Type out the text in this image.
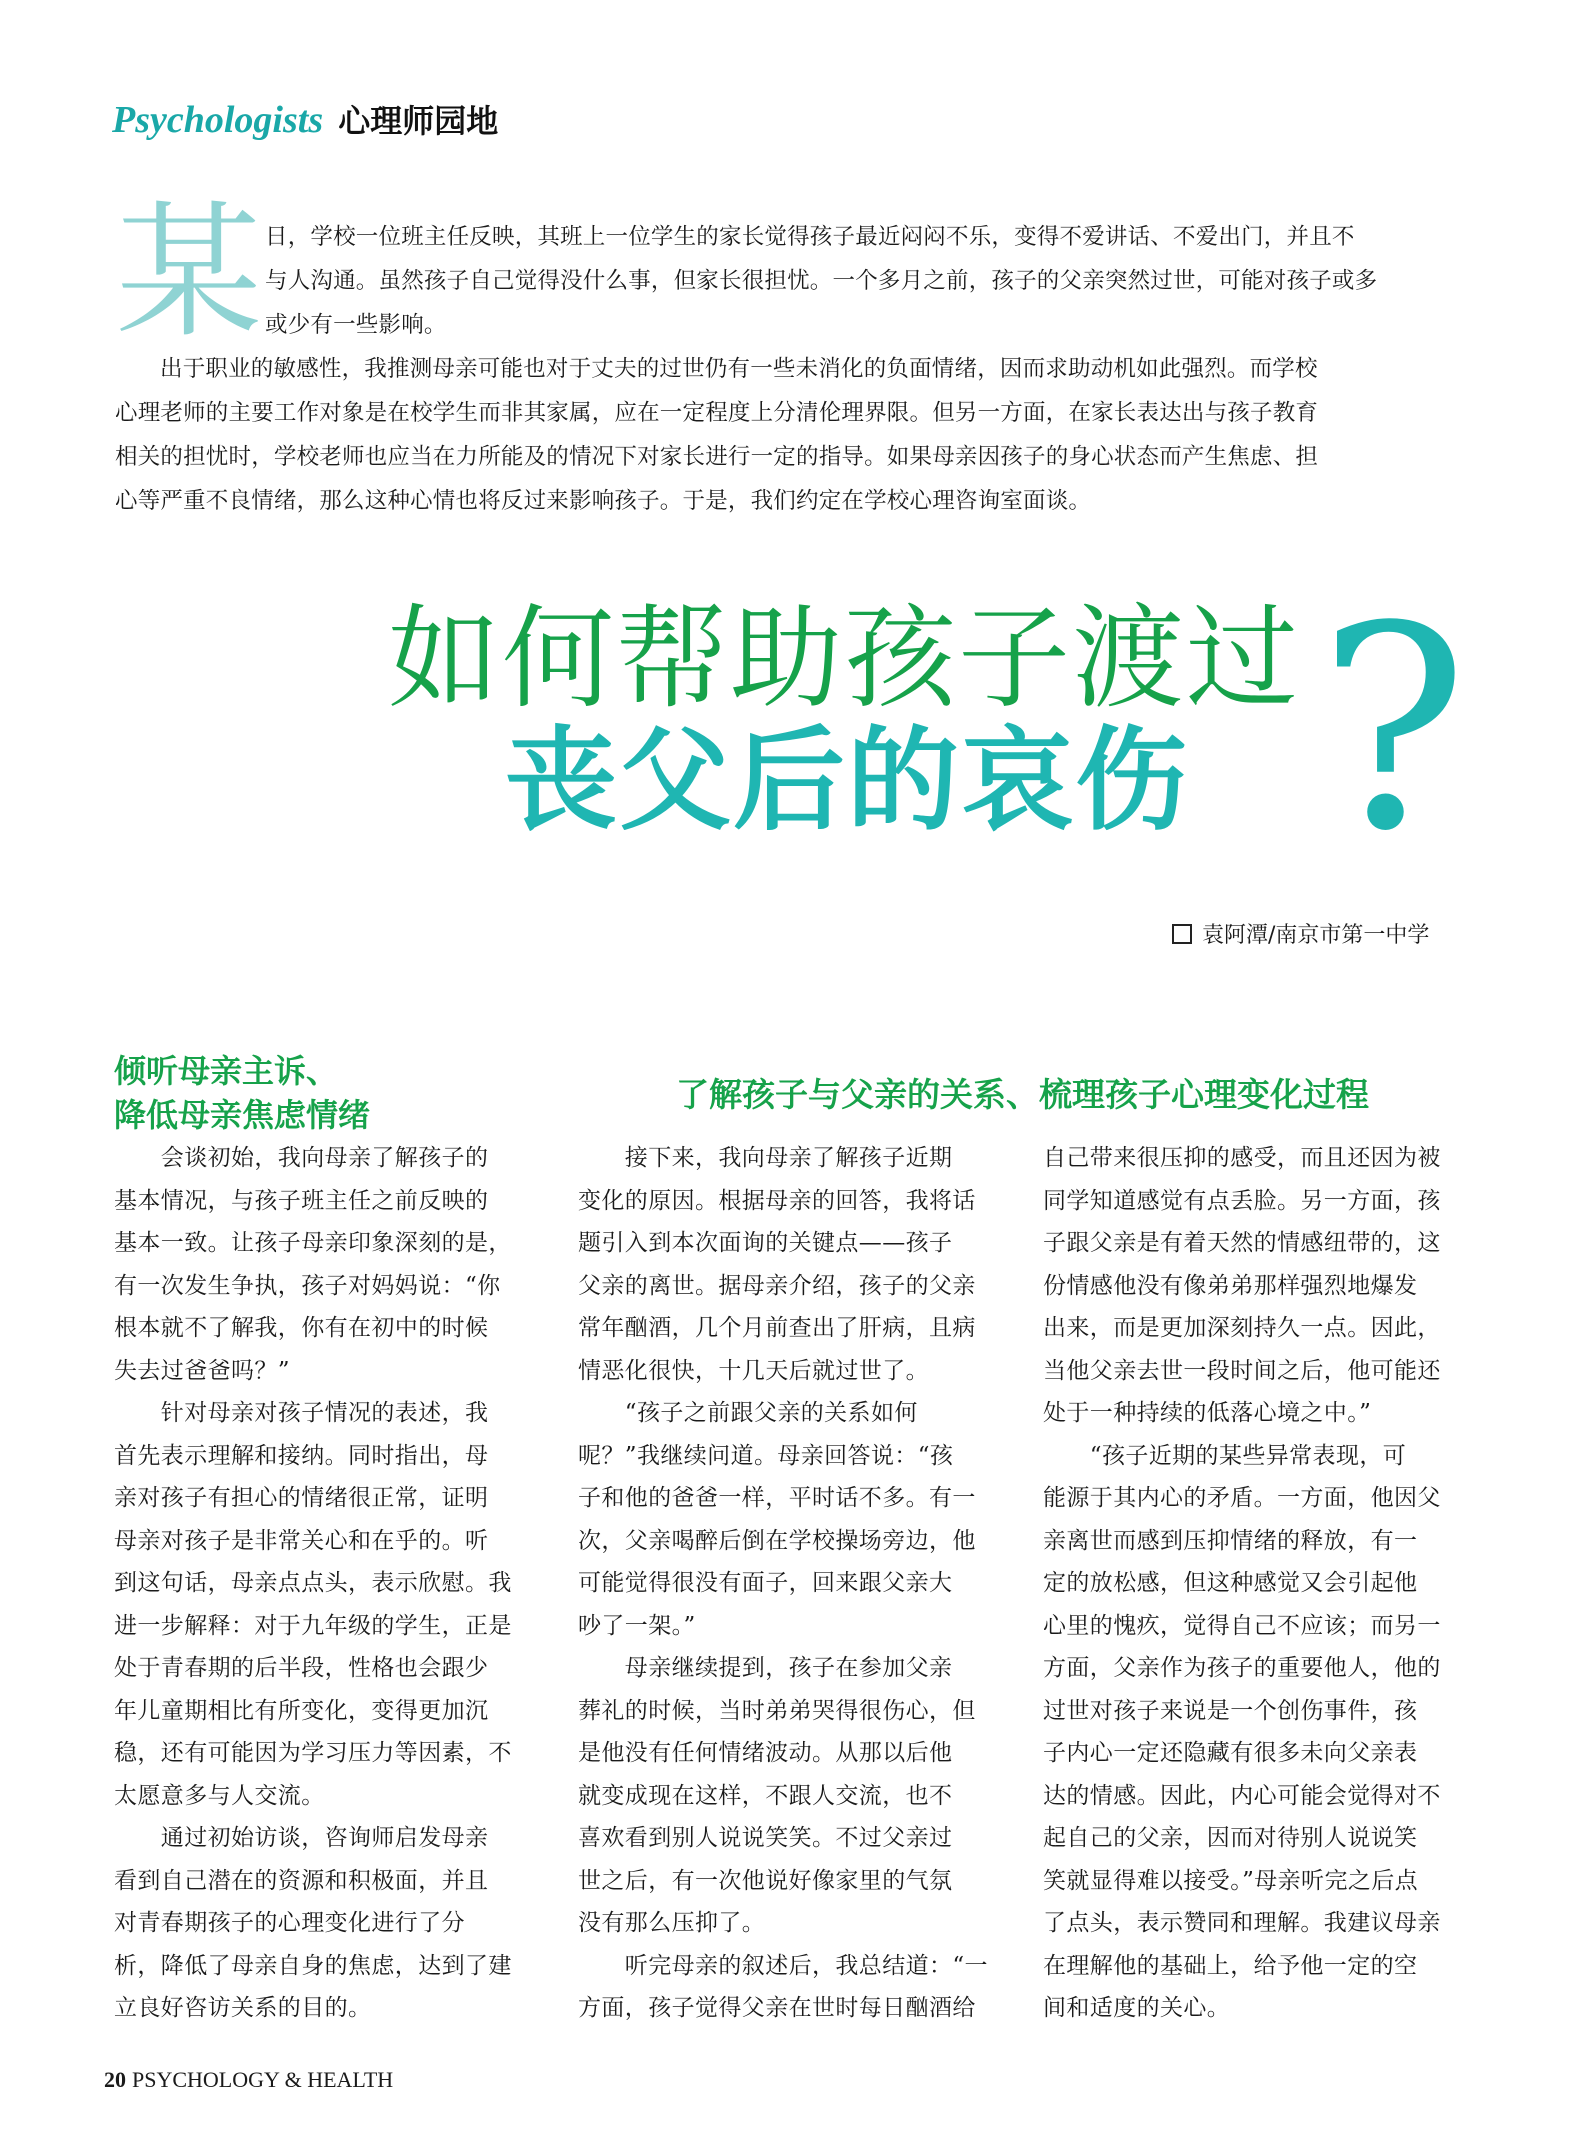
Psychologists 心理师园地
某 日，学校一位班主任反映，其班上一位学生的家长觉得孩子最近闷闷不乐，变得不爱讲话、不爱出门，并且不
与人沟通。虽然孩子自己觉得没什么事，但家长很担忧。一个多月之前，孩子的父亲突然过世，可能对孩子或多
或少有一些影响。
出于职业的敏感性，我推测母亲可能也对于丈夫的过世仍有一些未消化的负面情绪，因而求助动机如此强烈。而学校
心理老师的主要工作对象是在校学生而非其家属，应在一定程度上分清伦理界限。但另一方面，在家长表达出与孩子教育
相关的担忧时，学校老师也应当在力所能及的情况下对家长进行一定的指导。如果母亲因孩子的身心状态而产生焦虑、担
心等严重不良情绪，那么这种心情也将反过来影响孩子。于是，我们约定在学校心理咨询室面谈。
如何帮助孩子渡过
丧父后的哀伤 ?
袁阿潭/南京市第一中学
倾听母亲主诉、
降低母亲焦虑情绪
了解孩子与父亲的关系、梳理孩子心理变化过程
　　会谈初始，我向母亲了解孩子的
基本情况，与孩子班主任之前反映的
基本一致。让孩子母亲印象深刻的是，
有一次发生争执，孩子对妈妈说：“你
根本就不了解我，你有在初中的时候
失去过爸爸吗？”
　　针对母亲对孩子情况的表述，我
首先表示理解和接纳。同时指出，母
亲对孩子有担心的情绪很正常，证明
母亲对孩子是非常关心和在乎的。听
到这句话，母亲点点头，表示欣慰。我
进一步解释：对于九年级的学生，正是
处于青春期的后半段，性格也会跟少
年儿童期相比有所变化，变得更加沉
稳，还有可能因为学习压力等因素，不
太愿意多与人交流。
　　通过初始访谈，咨询师启发母亲
看到自己潜在的资源和积极面，并且
对青春期孩子的心理变化进行了分
析，降低了母亲自身的焦虑，达到了建
立良好咨访关系的目的。
　　接下来，我向母亲了解孩子近期
变化的原因。根据母亲的回答，我将话
题引入到本次面询的关键点——孩子
父亲的离世。据母亲介绍，孩子的父亲
常年酗酒，几个月前查出了肝病，且病
情恶化很快，十几天后就过世了。
　　“孩子之前跟父亲的关系如何
呢？”我继续问道。母亲回答说：“孩
子和他的爸爸一样，平时话不多。有一
次，父亲喝醉后倒在学校操场旁边，他
可能觉得很没有面子，回来跟父亲大
吵了一架。”
　　母亲继续提到，孩子在参加父亲
葬礼的时候，当时弟弟哭得很伤心，但
是他没有任何情绪波动。从那以后他
就变成现在这样，不跟人交流，也不
喜欢看到别人说说笑笑。不过父亲过
世之后，有一次他说好像家里的气氛
没有那么压抑了。
　　听完母亲的叙述后，我总结道：“一
方面，孩子觉得父亲在世时每日酗酒给
自己带来很压抑的感受，而且还因为被
同学知道感觉有点丢脸。另一方面，孩
子跟父亲是有着天然的情感纽带的，这
份情感他没有像弟弟那样强烈地爆发
出来，而是更加深刻持久一点。因此，
当他父亲去世一段时间之后，他可能还
处于一种持续的低落心境之中。”
　　“孩子近期的某些异常表现，可
能源于其内心的矛盾。一方面，他因父
亲离世而感到压抑情绪的释放，有一
定的放松感，但这种感觉又会引起他
心里的愧疚，觉得自己不应该；而另一
方面，父亲作为孩子的重要他人，他的
过世对孩子来说是一个创伤事件，孩
子内心一定还隐藏有很多未向父亲表
达的情感。因此，内心可能会觉得对不
起自己的父亲，因而对待别人说说笑
笑就显得难以接受。”母亲听完之后点
了点头，表示赞同和理解。我建议母亲
在理解他的基础上，给予他一定的空
间和适度的关心。
20 PSYCHOLOGY & HEALTH
